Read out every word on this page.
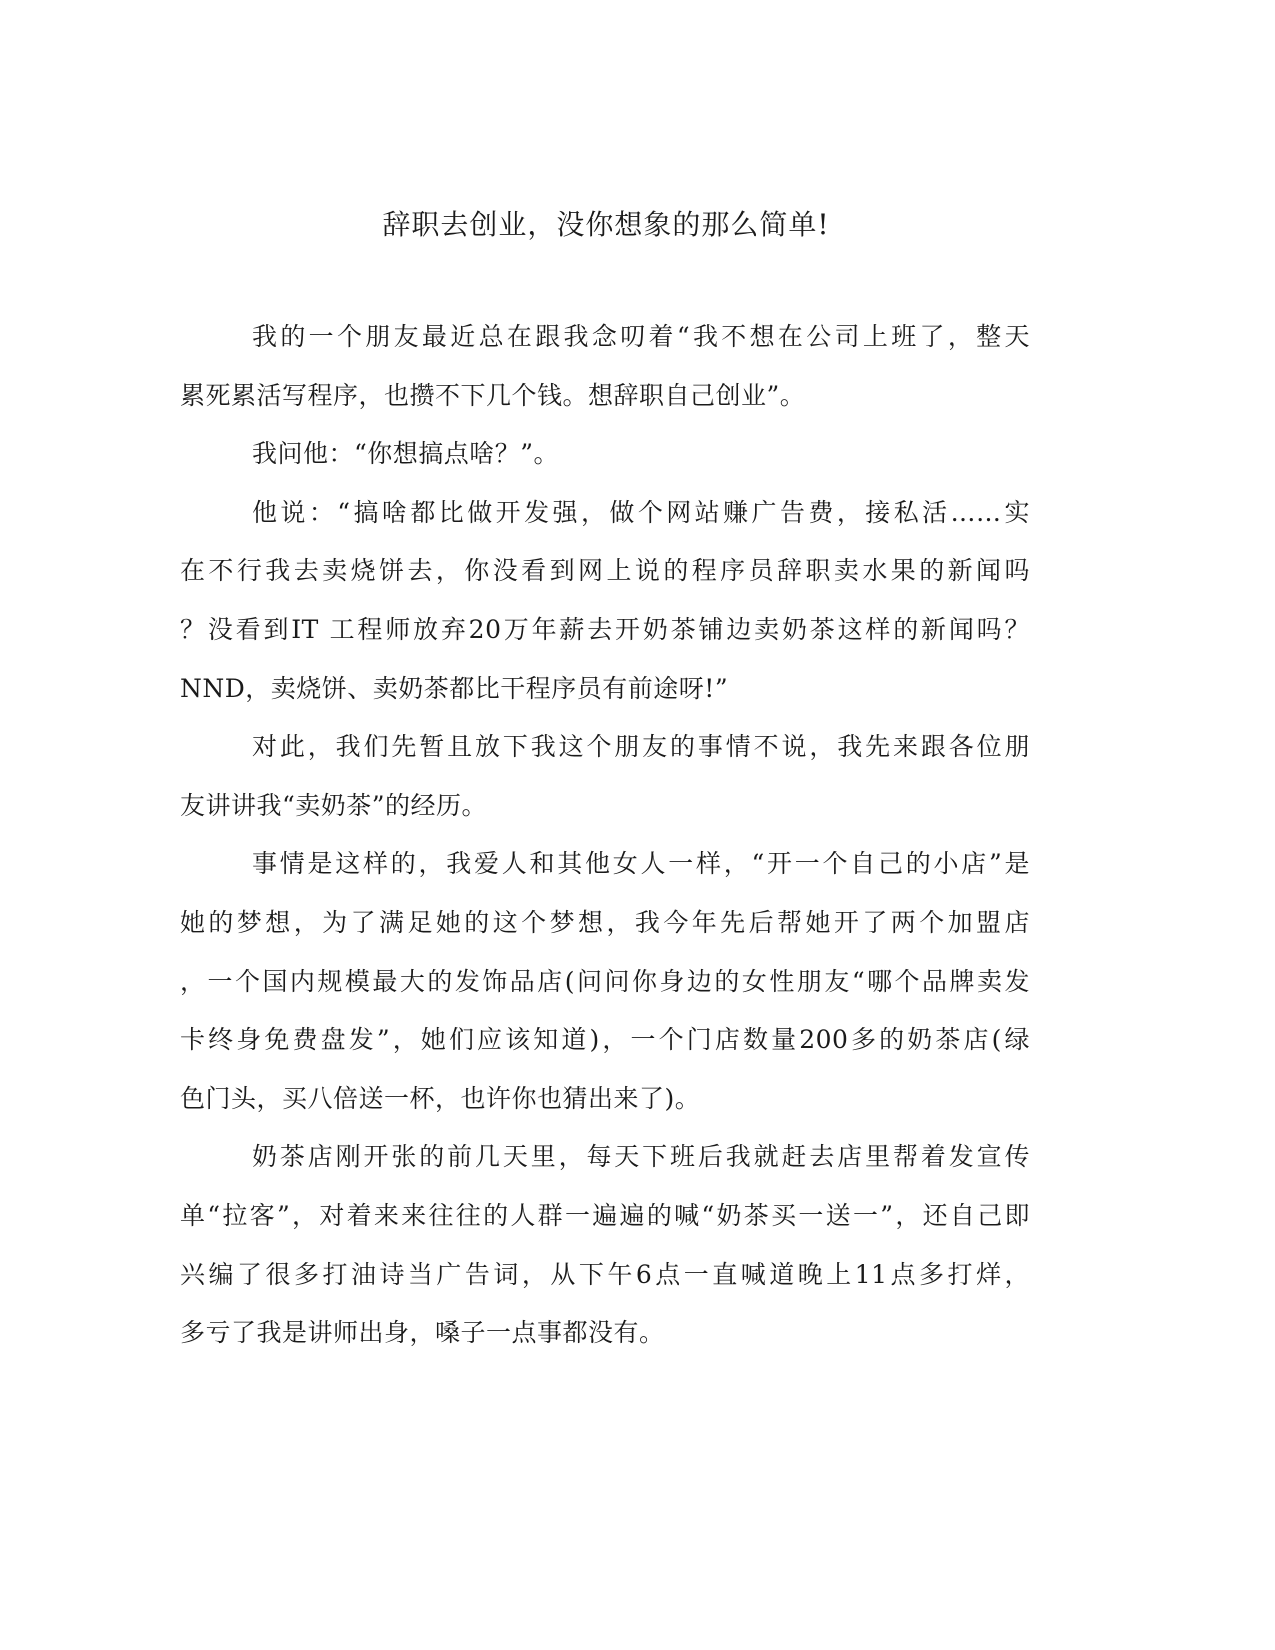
辞职去创业，没你想象的那么简单!
我的一个朋友最近总在跟我念叨着“我不想在公司上班了，整天
累死累活写程序，也攒不下几个钱。想辞职自己创业”。
我问他：“你想搞点啥？”。
他说：“搞啥都比做开发强，做个网站赚广告费，接私活……实
在不行我去卖烧饼去，你没看到网上说的程序员辞职卖水果的新闻吗
？没看到IT 工程师放弃20万年薪去开奶茶铺边卖奶茶这样的新闻吗？
NND，卖烧饼、卖奶茶都比干程序员有前途呀!”
对此，我们先暂且放下我这个朋友的事情不说，我先来跟各位朋
友讲讲我“卖奶茶”的经历。
事情是这样的，我爱人和其他女人一样，“开一个自己的小店”是
她的梦想，为了满足她的这个梦想，我今年先后帮她开了两个加盟店
，一个国内规模最大的发饰品店(问问你身边的女性朋友“哪个品牌卖发
卡终身免费盘发”，她们应该知道)，一个门店数量200多的奶茶店(绿
色门头，买八倍送一杯，也许你也猜出来了)。
奶茶店刚开张的前几天里，每天下班后我就赶去店里帮着发宣传
单“拉客”，对着来来往往的人群一遍遍的喊“奶茶买一送一”，还自己即
兴编了很多打油诗当广告词，从下午6点一直喊道晚上11点多打烊，
多亏了我是讲师出身，嗓子一点事都没有。
